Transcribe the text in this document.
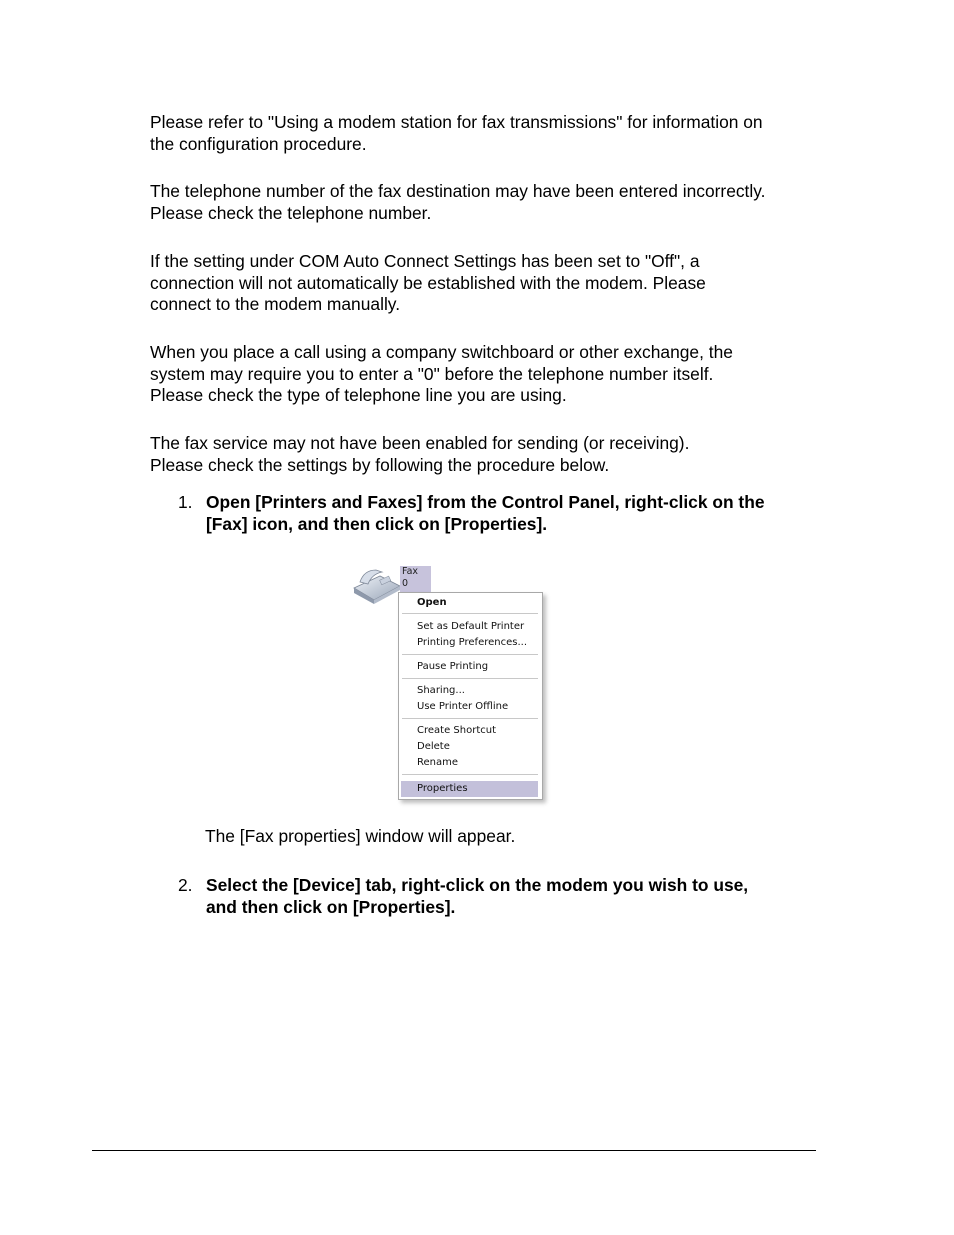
Please refer to "Using a modem station for fax transmissions" for information on
the configuration procedure.

The telephone number of the fax destination may have been entered incorrectly.
Please check the telephone number.

If the setting under COM Auto Connect Settings has been set to "Off", a
connection will not automatically be established with the modem. Please
connect to the modem manually.

When you place a call using a company switchboard or other exchange, the
system may require you to enter a "0" before the telephone number itself.
Please check the type of telephone line you are using.

The fax service may not have been enabled for sending (or receiving).
Please check the settings by following the procedure below.

1. Open [Printers and Faxes] from the Control Panel, right-click on the
[Fax] icon, and then click on [Properties].
Fax
0
Open
Set as Default Printer
Printing Preferences...
Pause Printing
Sharing...
Use Printer Offline
Create Shortcut
Delete
Rename
Properties
The [Fax properties] window will appear.
2. Select the [Device] tab, right-click on the modem you wish to use,
and then click on [Properties].
